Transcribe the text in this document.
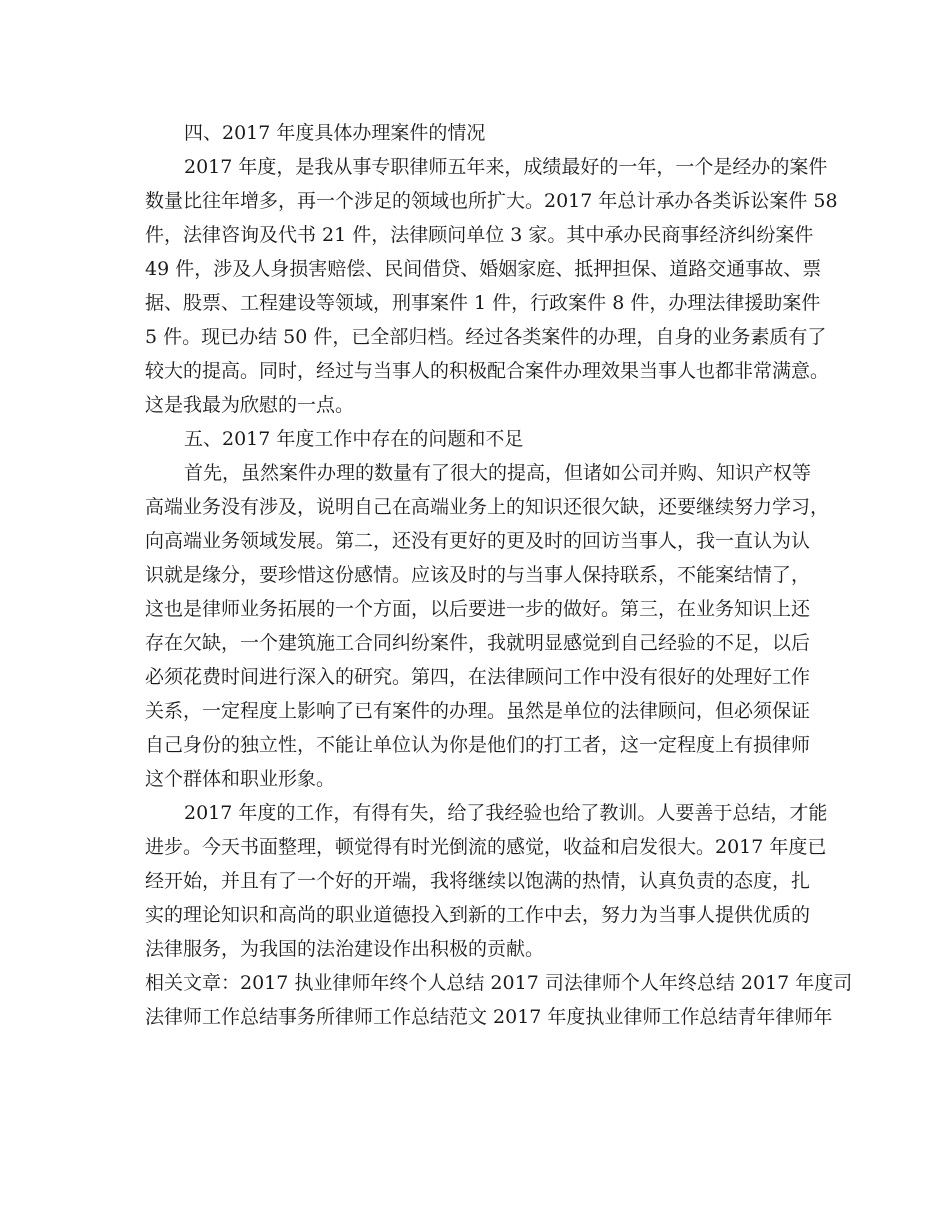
四、2017 年度具体办理案件的情况
2017 年度，是我从事专职律师五年来，成绩最好的一年，一个是经办的案件
数量比往年增多，再一个涉足的领域也所扩大。2017 年总计承办各类诉讼案件 58
件，法律咨询及代书 21 件，法律顾问单位 3 家。其中承办民商事经济纠纷案件
49 件，涉及人身损害赔偿、民间借贷、婚姻家庭、抵押担保、道路交通事故、票
据、股票、工程建设等领域，刑事案件 1 件，行政案件 8 件，办理法律援助案件
5 件。现已办结 50 件，已全部归档。经过各类案件的办理，自身的业务素质有了
较大的提高。同时，经过与当事人的积极配合案件办理效果当事人也都非常满意。
这是我最为欣慰的一点。
五、2017 年度工作中存在的问题和不足
首先，虽然案件办理的数量有了很大的提高，但诸如公司并购、知识产权等
高端业务没有涉及，说明自己在高端业务上的知识还很欠缺，还要继续努力学习，
向高端业务领域发展。第二，还没有更好的更及时的回访当事人，我一直认为认
识就是缘分，要珍惜这份感情。应该及时的与当事人保持联系，不能案结情了，
这也是律师业务拓展的一个方面，以后要进一步的做好。第三，在业务知识上还
存在欠缺，一个建筑施工合同纠纷案件，我就明显感觉到自己经验的不足，以后
必须花费时间进行深入的研究。第四，在法律顾问工作中没有很好的处理好工作
关系，一定程度上影响了已有案件的办理。虽然是单位的法律顾问，但必须保证
自己身份的独立性，不能让单位认为你是他们的打工者，这一定程度上有损律师
这个群体和职业形象。
2017 年度的工作，有得有失，给了我经验也给了教训。人要善于总结，才能
进步。今天书面整理，顿觉得有时光倒流的感觉，收益和启发很大。2017 年度已
经开始，并且有了一个好的开端，我将继续以饱满的热情，认真负责的态度，扎
实的理论知识和高尚的职业道德投入到新的工作中去，努力为当事人提供优质的
法律服务，为我国的法治建设作出积极的贡献。
相关文章：2017 执业律师年终个人总结 2017 司法律师个人年终总结 2017 年度司
法律师工作总结事务所律师工作总结范文 2017 年度执业律师工作总结青年律师年
